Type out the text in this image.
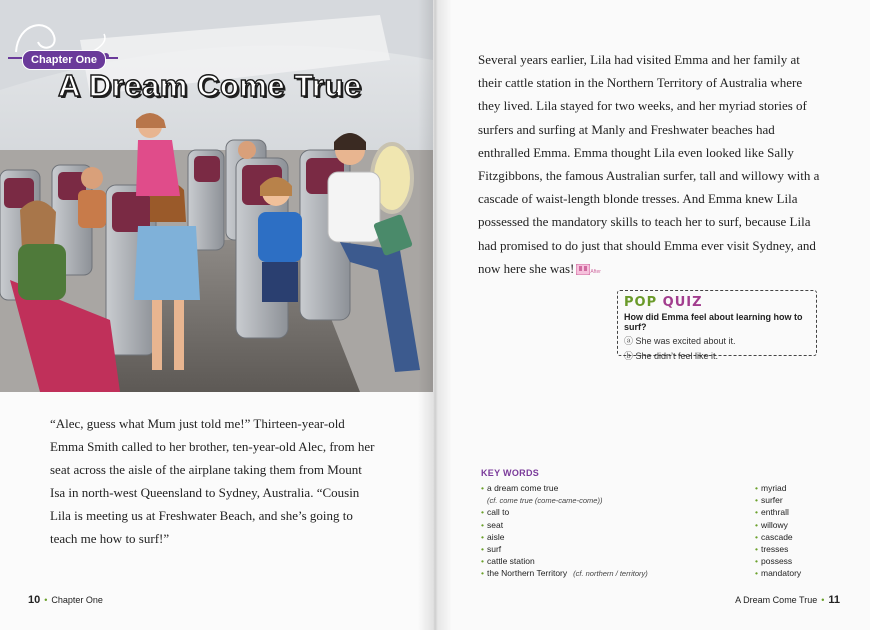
Chapter One
A Dream Come True

“Alec, guess what Mum just told me!” Thirteen-year-old Emma Smith called to her brother, ten-year-old Alec, from her seat across the aisle of the airplane taking them from Mount Isa in north-west Queensland to Sydney, Australia. “Cousin Lila is meeting us at Freshwater Beach, and she’s going to teach me how to surf!”

10 • Chapter One

Several years earlier, Lila had visited Emma and her family at their cattle station in the Northern Territory of Australia where they lived. Lila stayed for two weeks, and her myriad stories of surfers and surfing at Manly and Freshwater beaches had enthralled Emma. Emma thought Lila even looked like Sally Fitzgibbons, the famous Australian surfer, tall and willowy with a cascade of waist-length blonde tresses. And Emma knew Lila possessed the mandatory skills to teach her to surf, because Lila had promised to do just that should Emma ever visit Sydney, and now here she was!	After

POP QUIZ
How did Emma feel about learning how to surf?
ⓐ She was excited about it.
ⓑ She didn’t feel like it.
KEY WORDS
• a dream come true
(cf. come true (come-came-come))
• call to
• seat
• aisle
• surf
• cattle station
• the Northern Territory (cf. northern / territory)
• myriad
• surfer
• enthrall
• willowy
• cascade
• tresses
• possess
• mandatory
A Dream Come True • 11
